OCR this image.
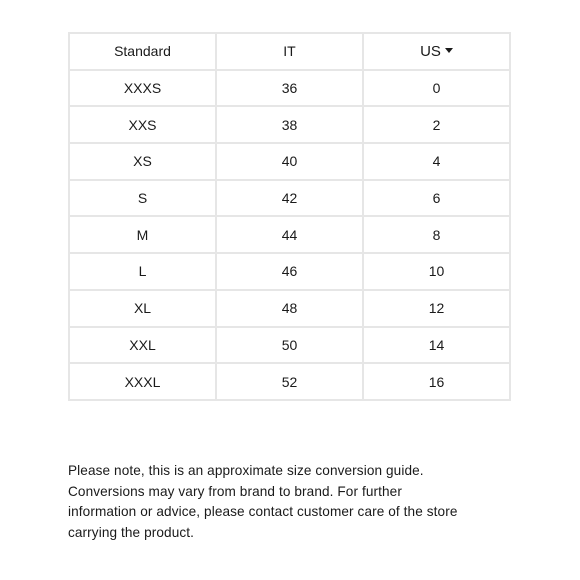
Standard	IT	US
XXXS	36	0
XXS	38	2
XS	40	4
S	42	6
M	44	8
L	46	10
XL	48	12
XXL	50	14
XXXL	52	16

Please note, this is an approximate size conversion guide.
Conversions may vary from brand to brand. For further
information or advice, please contact customer care of the store
carrying the product.
